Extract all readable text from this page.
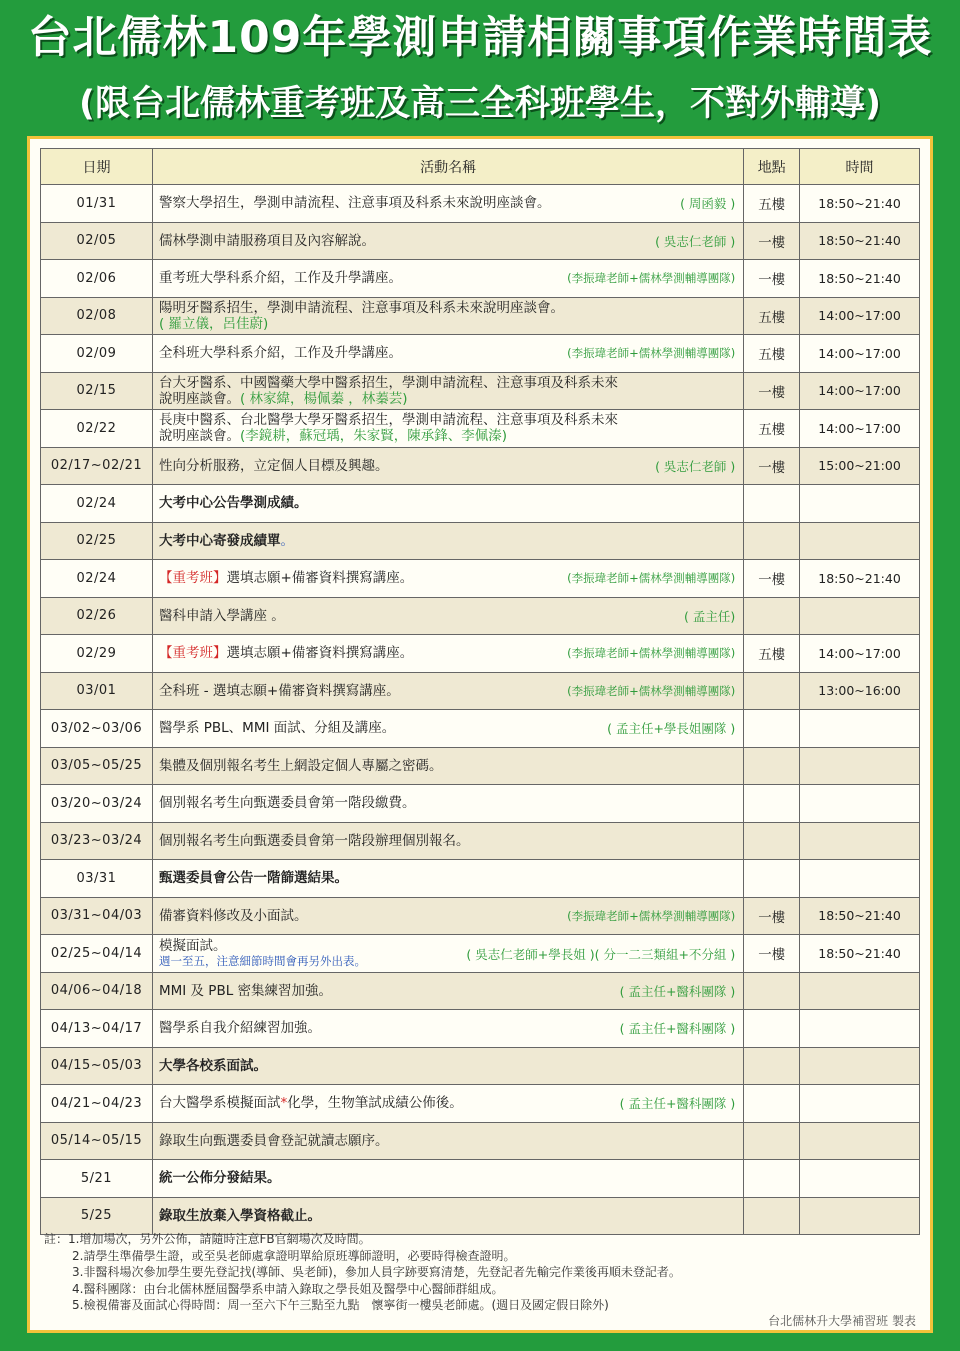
台北儒林109年學測申請相關事項作業時間表
(限台北儒林重考班及高三全科班學生，不對外輔導)
日期	活動名稱	地點	時間
01/31	警察大學招生，學測申請流程、注意事項及科系未來說明座談會。 ( 周函毅 )	五樓	18:50~21:40
02/05	儒林學測申請服務項目及內容解說。 ( 吳志仁老師 )	一樓	18:50~21:40
02/06	重考班大學科系介紹，工作及升學講座。 (李振瑋老師+儒林學測輔導團隊)	一樓	18:50~21:40
02/08	陽明牙醫系招生，學測申請流程、注意事項及科系未來說明座談會。
( 羅立儀，呂佳蔚)	五樓	14:00~17:00
02/09	全科班大學科系介紹，工作及升學講座。 (李振瑋老師+儒林學測輔導團隊)	五樓	14:00~17:00
02/15	台大牙醫系、中國醫藥大學中醫系招生，學測申請流程、注意事項及科系未來
說明座談會。( 林家緯，楊佩蓁 ，林蓁芸)	一樓	14:00~17:00
02/22	長庚中醫系、台北醫學大學牙醫系招生，學測申請流程、注意事項及科系未來
說明座談會。(李鏡耕，蘇冠瑀，朱家賢，陳承鋒、李佩溱)	五樓	14:00~17:00
02/17~02/21	性向分析服務，立定個人目標及興趣。 ( 吳志仁老師 )	一樓	15:00~21:00
02/24	大考中心公告學測成績。		

02/25	大考中心寄發成績單。		

02/24	【重考班】選填志願+備審資料撰寫講座。 (李振瑋老師+儒林學測輔導團隊)	一樓	18:50~21:40
02/26	醫科申請入學講座 。 ( 孟主任)		

02/29	【重考班】選填志願+備審資料撰寫講座。 (李振瑋老師+儒林學測輔導團隊)	五樓	14:00~17:00
03/01	全科班 - 選填志願+備審資料撰寫講座。 (李振瑋老師+儒林學測輔導團隊)		13:00~16:00
03/02~03/06	醫學系 PBL、MMI 面試、分組及講座。 ( 孟主任+學長姐團隊 )		

03/05~05/25	集體及個別報名考生上網設定個人專屬之密碼。		

03/20~03/24	個別報名考生向甄選委員會第一階段繳費。		

03/23~03/24	個別報名考生向甄選委員會第一階段辦理個別報名。		

03/31	甄選委員會公告一階篩選結果。		

03/31~04/03	備審資料修改及小面試。 (李振瑋老師+儒林學測輔導團隊)	一樓	18:50~21:40
02/25~04/14	模擬面試。
週一至五，注意細節時間會再另外出表。 ( 吳志仁老師+學長姐 )( 分一二三類組+不分組 )	一樓	18:50~21:40
04/06~04/18	MMI 及 PBL 密集練習加強。 ( 孟主任+醫科團隊 )		

04/13~04/17	醫學系自我介紹練習加強。 ( 孟主任+醫科團隊 )		

04/15~05/03	大學各校系面試。		

04/21~04/23	台大醫學系模擬面試*化學，生物筆試成績公佈後。 ( 孟主任+醫科團隊 )		

05/14~05/15	錄取生向甄選委員會登記就讀志願序。		

5/21	統一公佈分發結果。		

5/25	錄取生放棄入學資格截止。		

註：1.增加場次，另外公佈，請隨時注意FB官網場次及時間。
2.請學生準備學生證，或至吳老師處拿證明單給原班導師證明，必要時得檢查證明。
3.非醫科場次參加學生要先登記找(導師、吳老師)，參加人員字跡要寫清楚，先登記者先輸完作業後再順未登記者。
4.醫科團隊：由台北儒林歷屆醫學系申請入錄取之學長姐及醫學中心醫師群組成。
5.檢視備審及面試心得時間：周一至六下午三點至九點　懷寧街一樓吳老師處。(週日及國定假日除外)
台北儒林升大學補習班 製表
